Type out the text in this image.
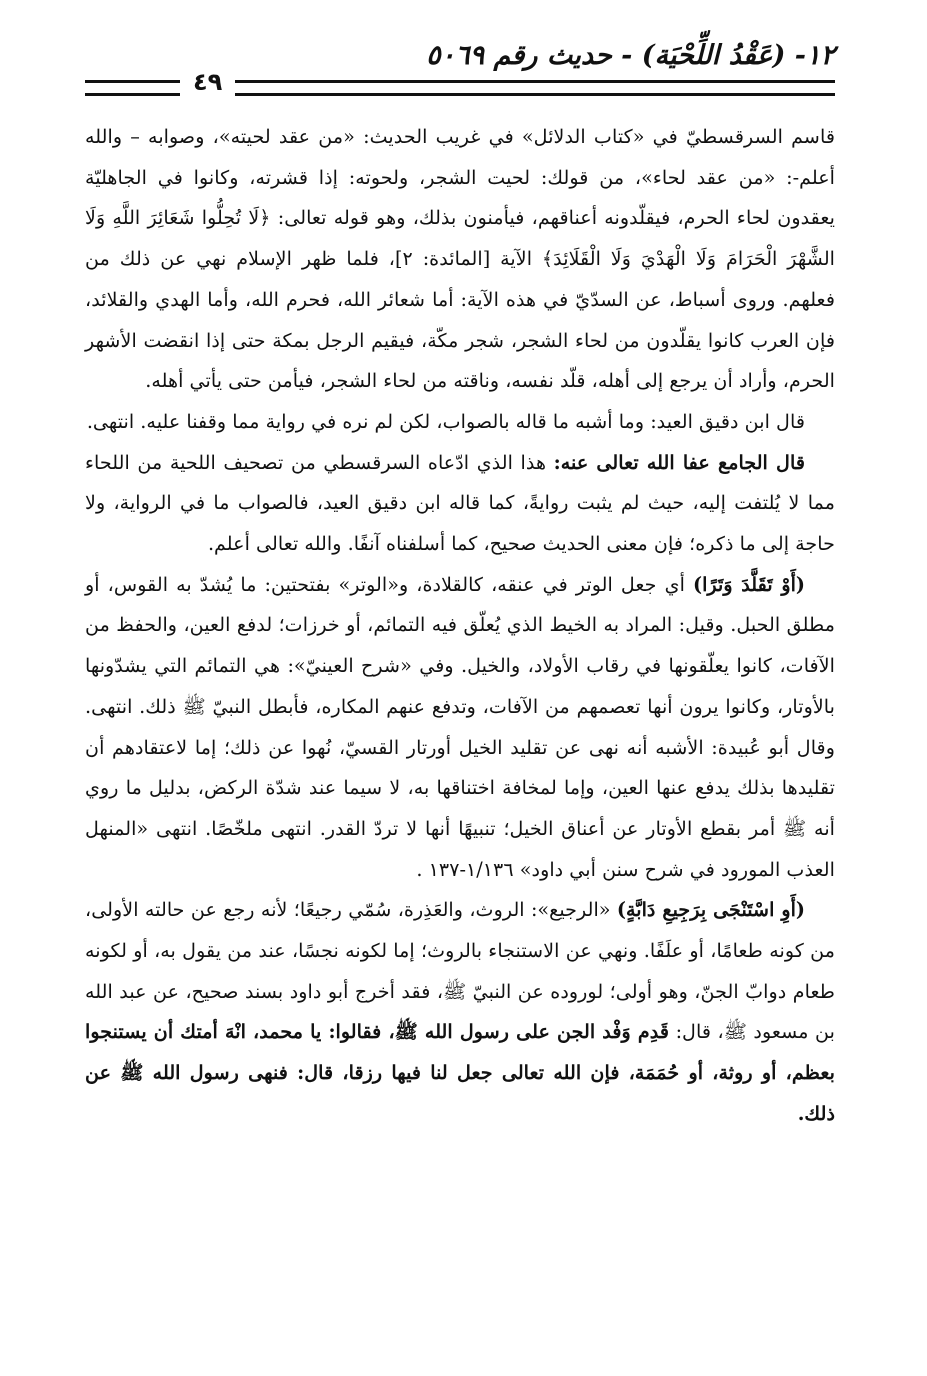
١٢- (عَقْدُ اللِّحْيَة) - حديث رقم ٥٠٦٩
٤٩

قاسم السرقسطيّ في «كتاب الدلائل» في غريب الحديث: «من عقد لحيته»، وصوابه – والله أعلم-: «من عقد لحاء»، من قولك: لحيت الشجر، ولحوته: إذا قشرته، وكانوا في الجاهليّة يعقدون لحاء الحرم، فيقلّدونه أعناقهم، فيأمنون بذلك، وهو قوله تعالى: ﴿لَا تُحِلُّوا شَعَائِرَ اللَّهِ وَلَا الشَّهْرَ الْحَرَامَ وَلَا الْهَدْيَ وَلَا الْقَلَائِدَ﴾ الآية [المائدة: ٢]، فلما ظهر الإسلام نهي عن ذلك من فعلهم. وروى أسباط، عن السدّيّ في هذه الآية: أما شعائر الله، فحرم الله، وأما الهدي والقلائد، فإن العرب كانوا يقلّدون من لحاء الشجر، شجر مكّة، فيقيم الرجل بمكة حتى إذا انقضت الأشهر الحرم، وأراد أن يرجع إلى أهله، قلّد نفسه، وناقته من لحاء الشجر، فيأمن حتى يأتي أهله.

قال ابن دقيق العيد: وما أشبه ما قاله بالصواب، لكن لم نره في رواية مما وقفنا عليه. انتهى.

قال الجامع عفا الله تعالى عنه: هذا الذي ادّعاه السرقسطي من تصحيف اللحية من اللحاء مما لا يُلتفت إليه، حيث لم يثبت روايةً، كما قاله ابن دقيق العيد، فالصواب ما في الرواية، ولا حاجة إلى ما ذكره؛ فإن معنى الحديث صحيح، كما أسلفناه آنفًا. والله تعالى أعلم.

(أَوْ تَقَلَّدَ وَتَرًا) أي جعل الوتر في عنقه، كالقلادة، و«الوتر» بفتحتين: ما يُشدّ به القوس، أو مطلق الحبل. وقيل: المراد به الخيط الذي يُعلّق فيه التمائم، أو خرزات؛ لدفع العين، والحفظ من الآفات، كانوا يعلّقونها في رقاب الأولاد، والخيل. وفي «شرح العينيّ»: هي التمائم التي يشدّونها بالأوتار، وكانوا يرون أنها تعصمهم من الآفات، وتدفع عنهم المكاره، فأبطل النبيّ ﷺ ذلك. انتهى. وقال أبو عُبيدة: الأشبه أنه نهى عن تقليد الخيل أورتار القسيّ، نُهوا عن ذلك؛ إما لاعتقادهم أن تقليدها بذلك يدفع عنها العين، وإما لمخافة اختناقها به، لا سيما عند شدّة الركض، بدليل ما روي أنه ﷺ أمر بقطع الأوتار عن أعناق الخيل؛ تنبيهًا أنها لا تردّ القدر. انتهى ملخّصًا. انتهى «المنهل العذب المورود في شرح سنن أبي داود» ١/١٣٦-١٣٧ .

(أَوِ اسْتَنْجَى بِرَجِيعِ دَابَّةٍ) «الرجيع»: الروث، والعَذِرة، سُمّي رجيعًا؛ لأنه رجع عن حالته الأولى، من كونه طعامًا، أو علَفًا. ونهي عن الاستنجاء بالروث؛ إما لكونه نجسًا، عند من يقول به، أو لكونه طعام دوابّ الجنّ، وهو أولى؛ لوروده عن النبيّ ﷺ، فقد أخرج أبو داود بسند صحيح، عن عبد الله بن مسعود ﷺ، قال: قَدِم وَفْد الجن على رسول الله ﷺ، فقالوا: يا محمد، انْهَ أمتك أن يستنجوا بعظم، أو روثة، أو حُمَمَة، فإن الله تعالى جعل لنا فيها رزقا، قال: فنهى رسول الله ﷺ عن ذلك.
